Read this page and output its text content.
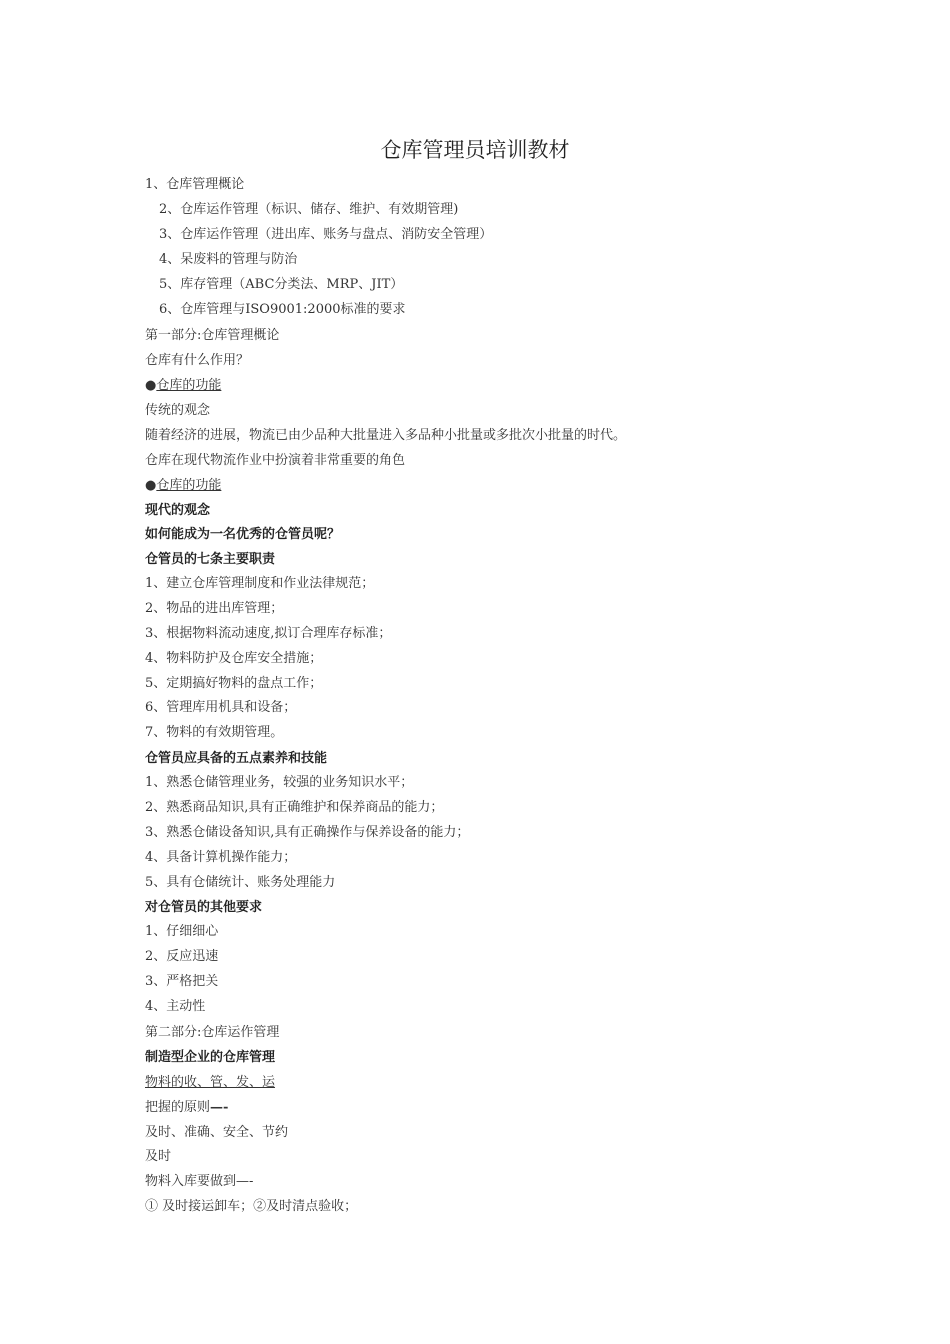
仓库管理员培训教材
1、仓库管理概论
2、仓库运作管理（标识、储存、维护、有效期管理)
3、仓库运作管理（进出库、账务与盘点、消防安全管理）
4、呆废料的管理与防治
5、库存管理（ABC分类法、MRP、JIT）
6、仓库管理与ISO9001:2000标准的要求
第一部分:仓库管理概论
仓库有什么作用？
●仓库的功能
传统的观念
随着经济的进展，物流已由少品种大批量进入多品种小批量或多批次小批量的时代。
仓库在现代物流作业中扮演着非常重要的角色
●仓库的功能
现代的观念
如何能成为一名优秀的仓管员呢？
仓管员的七条主要职责
1、建立仓库管理制度和作业法律规范；
2、物品的进出库管理；
3、根据物料流动速度,拟订合理库存标准；
4、物料防护及仓库安全措施；
5、定期搞好物料的盘点工作；
6、管理库用机具和设备；
7、物料的有效期管理。
仓管员应具备的五点素养和技能
1、熟悉仓储管理业务，较强的业务知识水平；
2、熟悉商品知识,具有正确维护和保养商品的能力；
3、熟悉仓储设备知识,具有正确操作与保养设备的能力；
4、具备计算机操作能力；
5、具有仓储统计、账务处理能力
对仓管员的其他要求
1、仔细细心
2、反应迅速
3、严格把关
4、主动性
第二部分:仓库运作管理
制造型企业的仓库管理
物料的收、管、发、运
把握的原则—-
及时、准确、安全、节约
及时
物料入库要做到—-
① 及时接运卸车；②及时清点验收；
